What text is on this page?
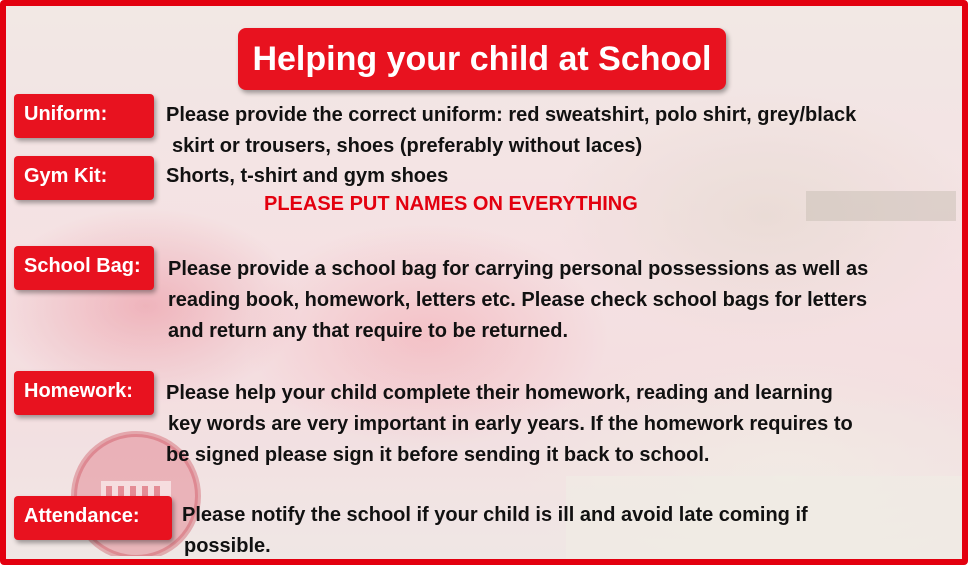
Helping your child at School
Uniform:	Please provide the correct uniform: red sweatshirt, polo shirt, grey/black
skirt or trousers, shoes (preferably without laces)
Gym Kit:	Shorts, t-shirt and gym shoes
PLEASE PUT NAMES ON EVERYTHING
School Bag:	Please provide a school bag for carrying personal possessions as well as
reading book, homework, letters etc. Please check school bags for letters
and return any that require to be returned.
Homework:	Please help your child complete their homework, reading and learning
key words are very important in early years. If the homework requires to
be signed please sign it before sending it back to school.
Attendance:	Please notify the school if your child is ill and avoid late coming if
possible.
